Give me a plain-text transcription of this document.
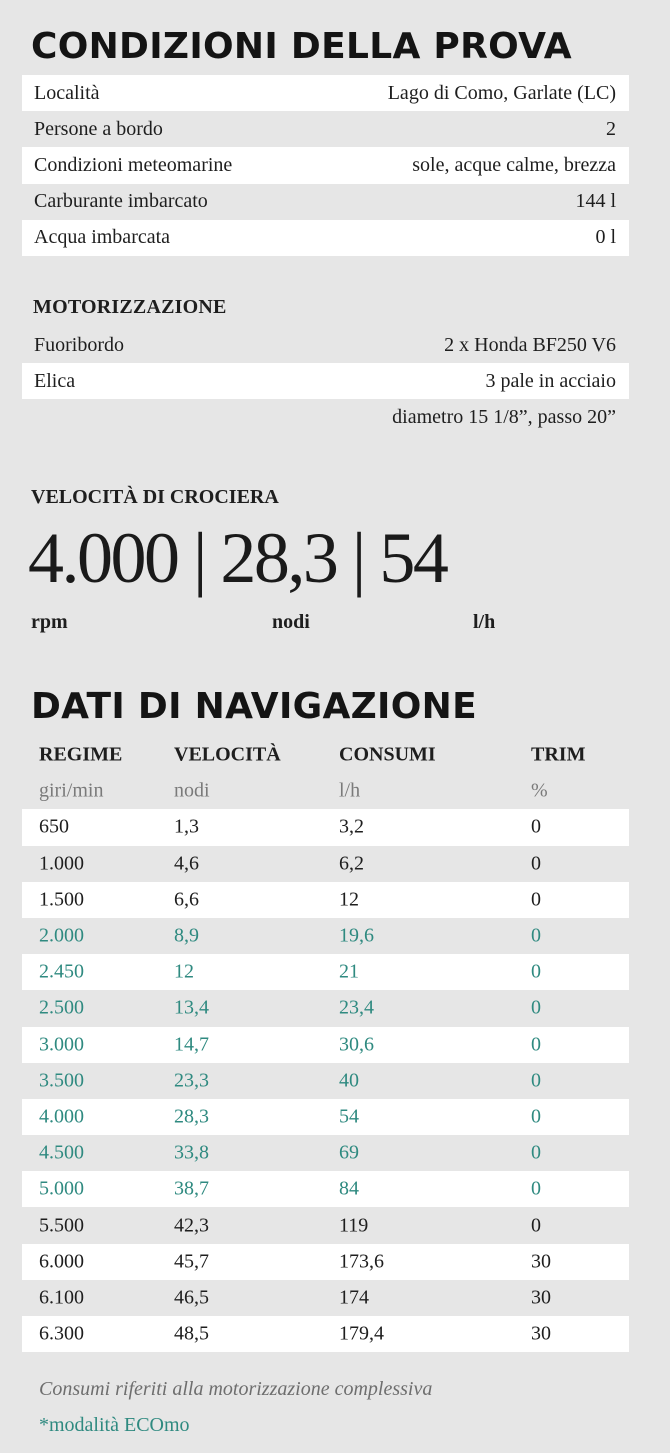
CONDIZIONI DELLA PROVA
Località	Lago di Como, Garlate (LC)
Persone a bordo	2
Condizioni meteomarine	sole, acque calme, brezza
Carburante imbarcato	144 l
Acqua imbarcata	0 l
MOTORIZZAZIONE
Fuoribordo	2 x Honda BF250 V6
Elica	3 pale in acciaio
diametro 15 1/8”, passo 20”
VELOCITÀ DI CROCIERA
4.000 | 28,3 | 54
rpm	nodi	l/h
DATI DI NAVIGAZIONE
REGIME	VELOCITÀ	CONSUMI	TRIM
giri/min	nodi	l/h	%
650	1,3	3,2	0
1.000	4,6	6,2	0
1.500	6,6	12	0
2.000	8,9	19,6	0
2.450	12	21	0
2.500	13,4	23,4	0
3.000	14,7	30,6	0
3.500	23,3	40	0
4.000	28,3	54	0
4.500	33,8	69	0
5.000	38,7	84	0
5.500	42,3	119	0
6.000	45,7	173,6	30
6.100	46,5	174	30
6.300	48,5	179,4	30
Consumi riferiti alla motorizzazione complessiva
*modalità ECOmo
